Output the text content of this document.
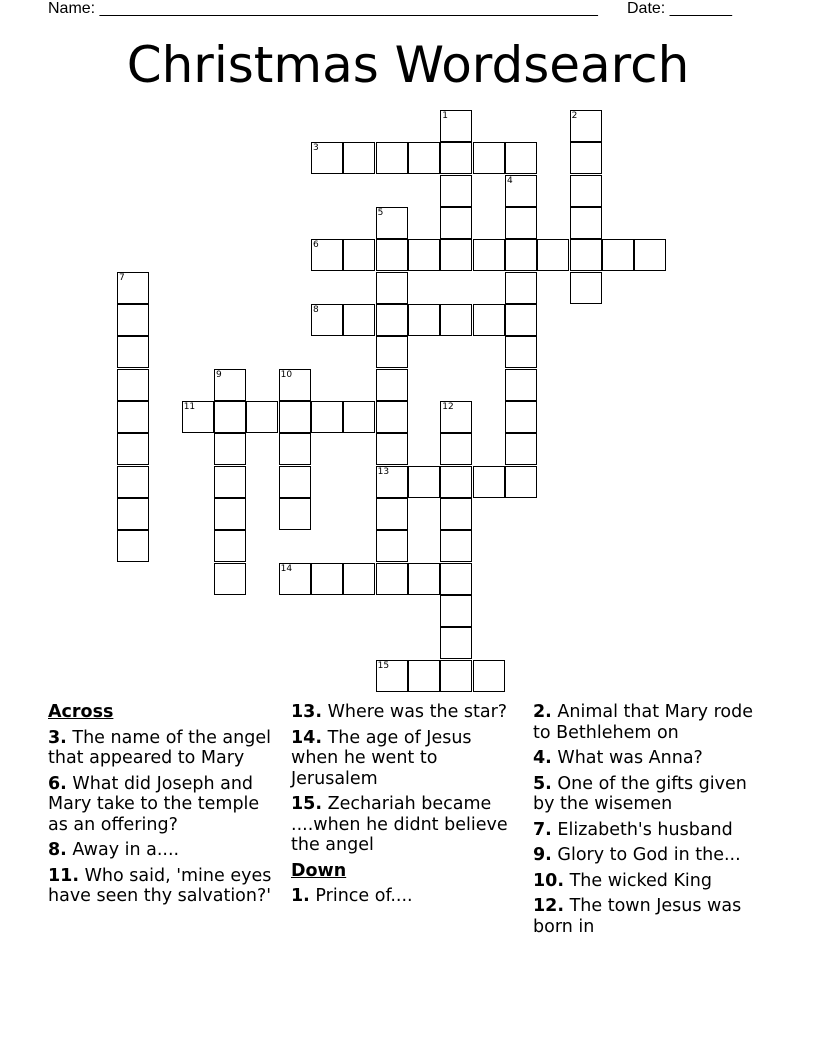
Name: ________________________________________________________ Date: _______
Christmas Wordsearch
1	2
3
4
5
13
6
7
8
9	10
11	12
14
15
Across
3. The name of the angel that appeared to Mary
6. What did Joseph and Mary take to the temple as an offering?
8. Away in a....
11. Who said, 'mine eyes have seen thy salvation?'
13. Where was the star?
14. The age of Jesus when he went to Jerusalem
15. Zechariah became ....when he didnt believe the angel
Down
1. Prince of....
2. Animal that Mary rode to Bethlehem on
4. What was Anna?
5. One of the gifts given by the wisemen
7. Elizabeth's husband
9. Glory to God in the...
10. The wicked King
12. The town Jesus was born in
